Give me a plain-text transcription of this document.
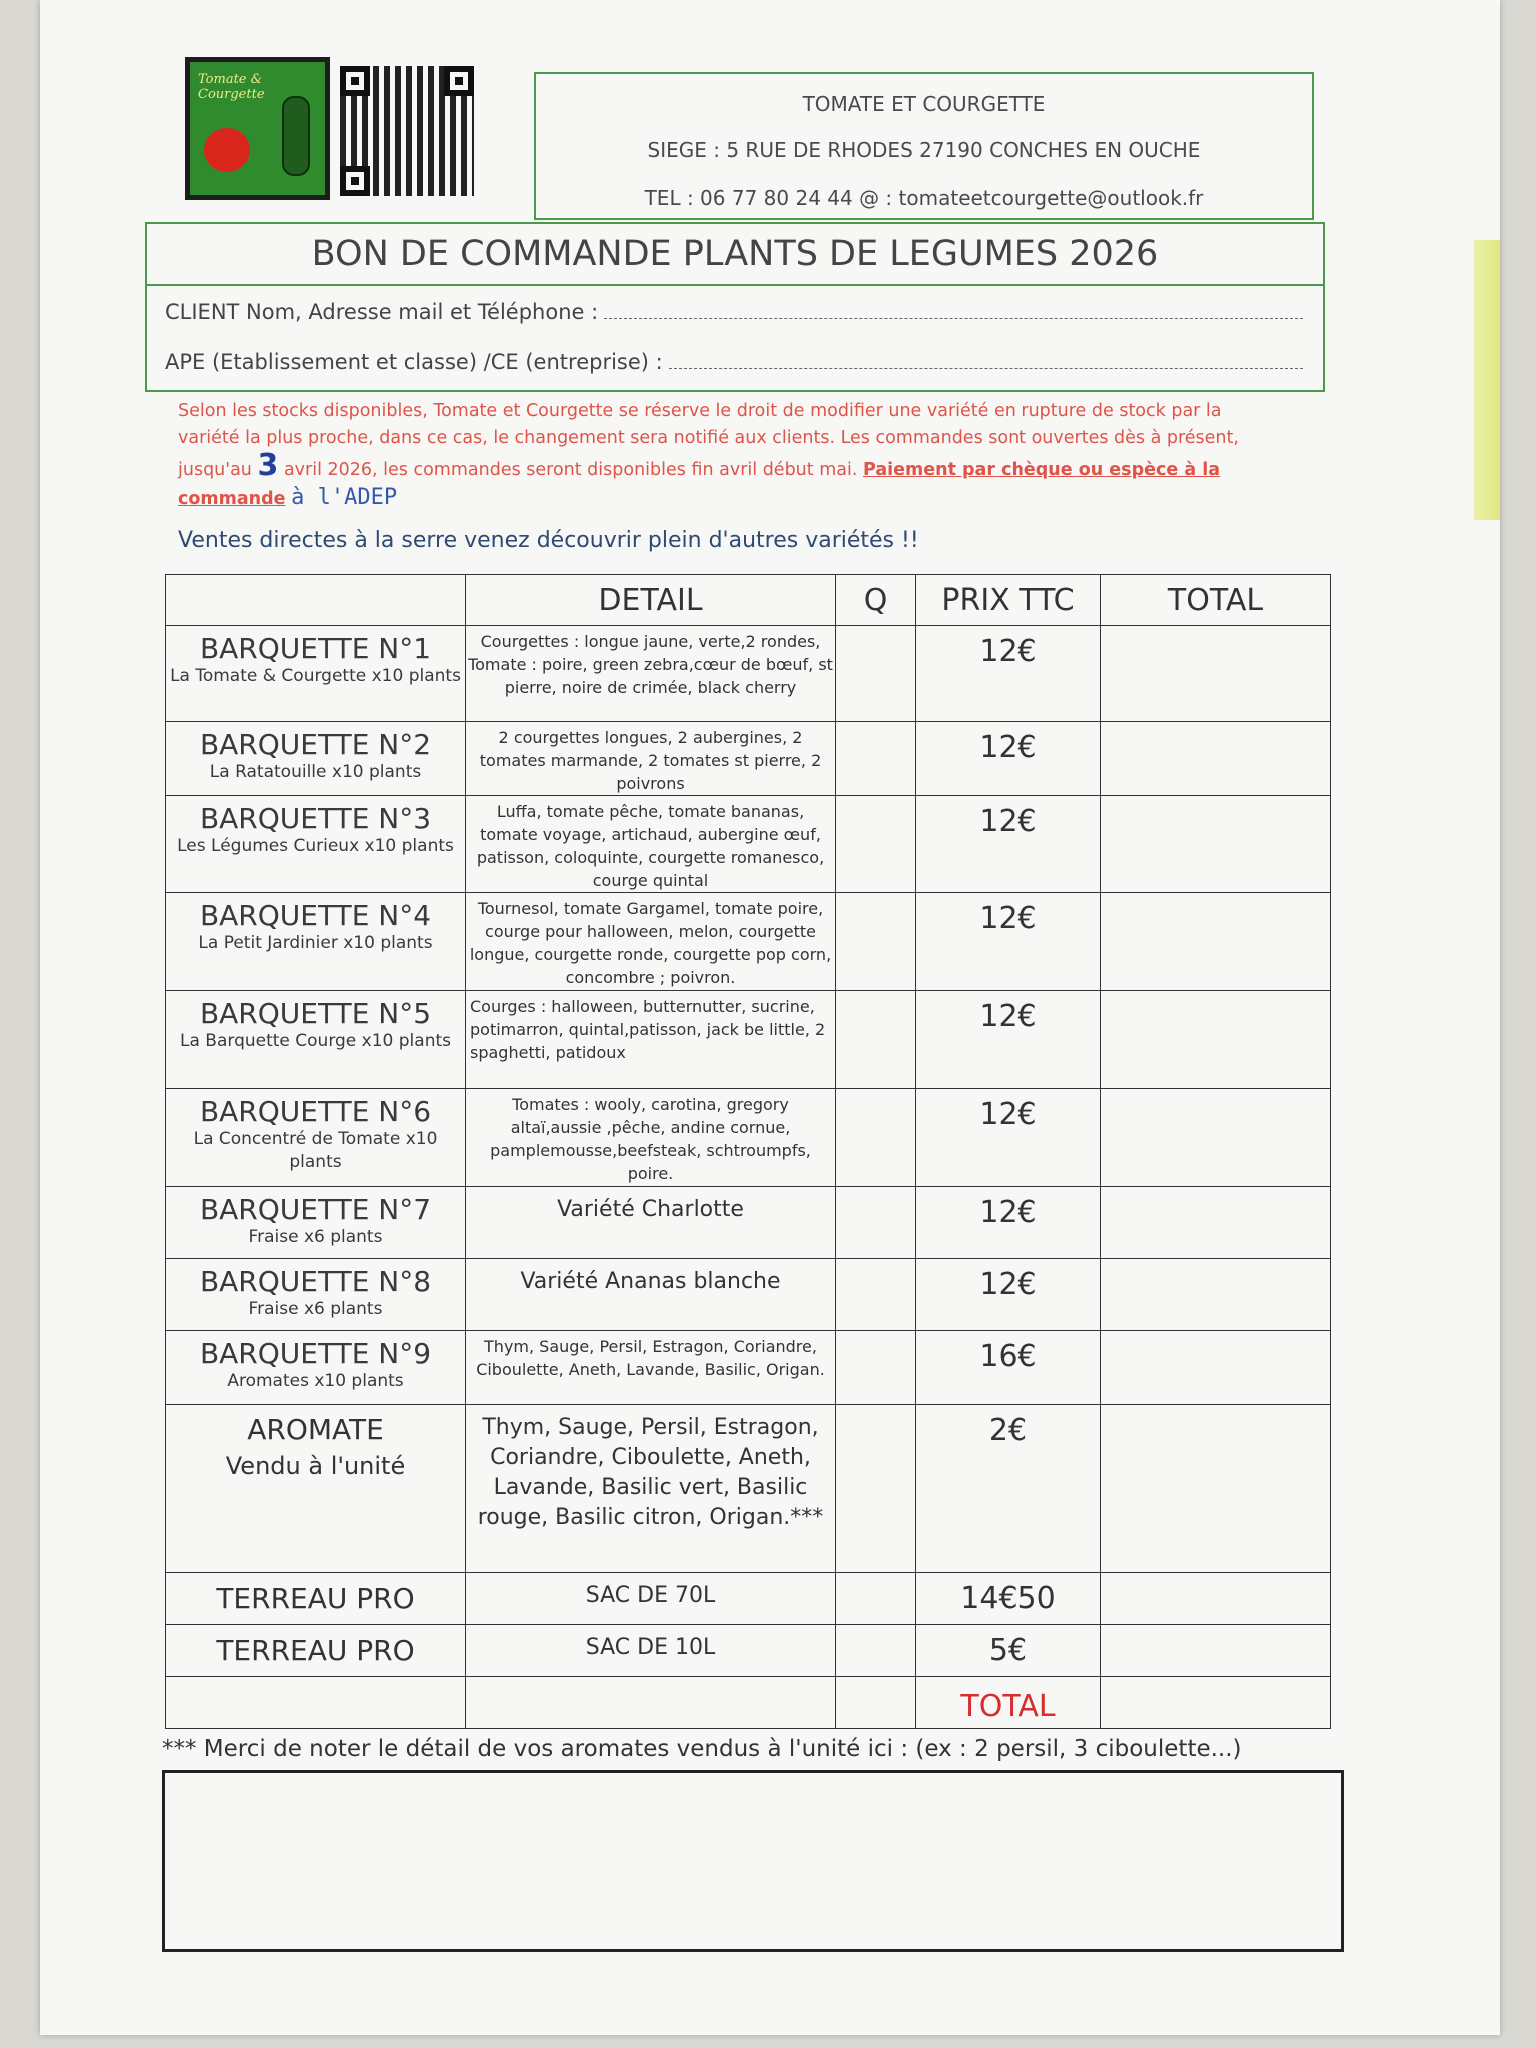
Tomate & Courgette	TOMATE ET COURGETTE
SIEGE : 5 RUE DE RHODES 27190 CONCHES EN OUCHE
TEL : 06 77 80 24 44 @ : tomateetcourgette@outlook.fr
BON DE COMMANDE PLANTS DE LEGUMES 2026
CLIENT Nom, Adresse mail et Téléphone :
APE (Etablissement et classe) /CE (entreprise) :
Selon les stocks disponibles, Tomate et Courgette se réserve le droit de modifier une variété en rupture de stock par la variété la plus proche, dans ce cas, le changement sera notifié aux clients. Les commandes sont ouvertes dès à présent, jusqu'au 3 avril 2026, les commandes seront disponibles fin avril début mai. Paiement par chèque ou espèce à la commande à l'ADEP
Ventes directes à la serre venez découvrir plein d'autres variétés !!
	DETAIL	Q	PRIX TTC	TOTAL

BARQUETTE N°1
La Tomate & Courgette x10 plants	Courgettes : longue jaune, verte,2 rondes, Tomate : poire, green zebra,cœur de bœuf, st pierre, noire de crimée, black cherry		12€	

BARQUETTE N°2
La Ratatouille x10 plants	2 courgettes longues, 2 aubergines, 2 tomates marmande, 2 tomates st pierre, 2 poivrons		12€	

BARQUETTE N°3
Les Légumes Curieux x10 plants	Luffa, tomate pêche, tomate bananas, tomate voyage, artichaud, aubergine œuf, patisson, coloquinte, courgette romanesco, courge quintal		12€	

BARQUETTE N°4
La Petit Jardinier x10 plants	Tournesol, tomate Gargamel, tomate poire, courge pour halloween, melon, courgette longue, courgette ronde, courgette pop corn, concombre ; poivron.		12€	

BARQUETTE N°5
La Barquette Courge x10 plants	Courges : halloween, butternutter, sucrine, potimarron, quintal,patisson, jack be little, 2 spaghetti, patidoux		12€	

BARQUETTE N°6
La Concentré de Tomate x10 plants	Tomates : wooly, carotina, gregory altaï,aussie ,pêche, andine cornue, pamplemousse,beefsteak, schtroumpfs, poire.		12€	

BARQUETTE N°7
Fraise x6 plants	Variété Charlotte		12€	

BARQUETTE N°8
Fraise x6 plants	Variété Ananas blanche		12€	

BARQUETTE N°9
Aromates x10 plants	Thym, Sauge, Persil, Estragon, Coriandre, Ciboulette, Aneth, Lavande, Basilic, Origan.		16€	

AROMATE
Vendu à l'unité	Thym, Sauge, Persil, Estragon, Coriandre, Ciboulette, Aneth, Lavande, Basilic vert, Basilic rouge, Basilic citron, Origan.***		2€	
TERREAU PRO	SAC DE 70L		14€50	
TERREAU PRO	SAC DE 10L		5€	
			TOTAL	
*** Merci de noter le détail de vos aromates vendus à l'unité ici : (ex : 2 persil, 3 ciboulette...)
